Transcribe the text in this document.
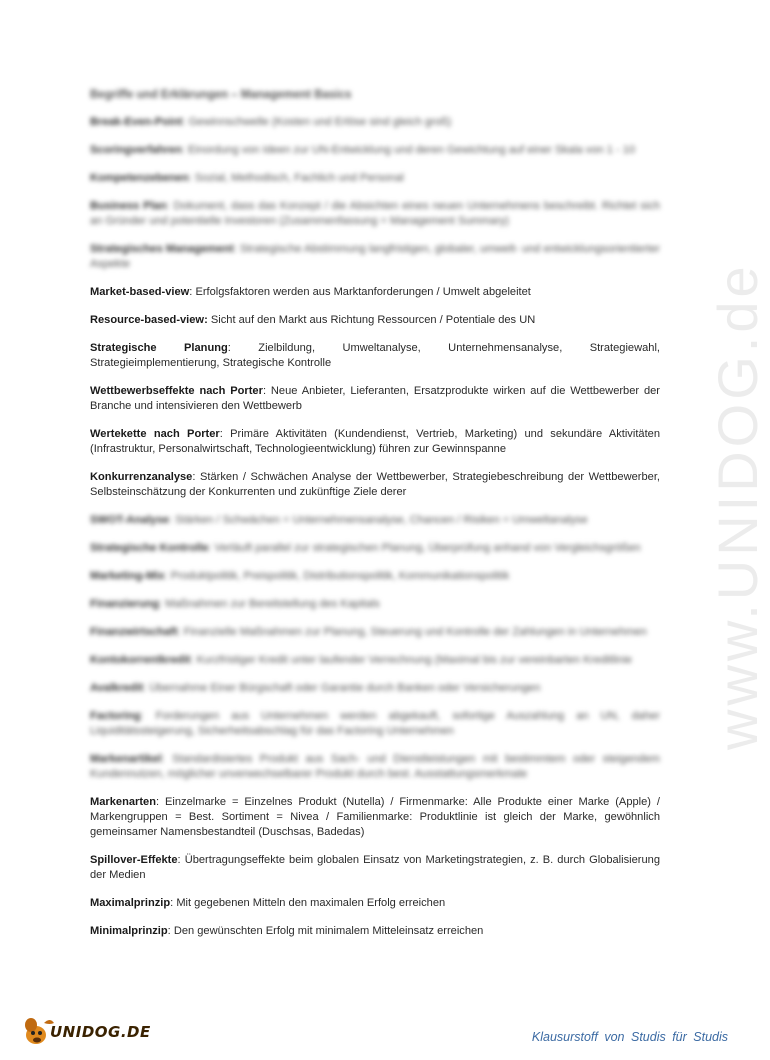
www.UNIDOG.de
Begriffe und Erklärungen – Management Basics
Break-Even-Point: Gewinnschwelle (Kosten und Erlöse sind gleich groß)
Scoringverfahren: Einordung von Ideen zur UN-Entwicklung und deren Gewichtung auf einer Skala von 1 - 10
Kompetenzebenen: Sozial, Methodisch, Fachlich und Personal
Business Plan: Dokument, dass das Konzept / die Absichten eines neuen Unternehmens beschreibt. Richtet sich an Gründer und potentielle Investoren (Zusammenfassung = Management Summary)
Strategisches Management: Strategische Abstimmung langfristigen, globaler, umwelt- und entwicklungsorientierter Aspekte
Market-based-view: Erfolgsfaktoren werden aus Marktanforderungen / Umwelt abgeleitet
Resource-based-view: Sicht auf den Markt aus Richtung Ressourcen / Potentiale des UN
Strategische Planung: Zielbildung, Umweltanalyse, Unternehmensanalyse, Strategiewahl, Strategieimplementierung, Strategische Kontrolle
Wettbewerbseffekte nach Porter: Neue Anbieter, Lieferanten, Ersatzprodukte wirken auf die Wettbewerber der Branche und intensivieren den Wettbewerb
Wertekette nach Porter: Primäre Aktivitäten (Kundendienst, Vertrieb, Marketing) und sekundäre Aktivitäten (Infrastruktur, Personalwirtschaft, Technologieentwicklung) führen zur Gewinnspanne
Konkurrenzanalyse: Stärken / Schwächen Analyse der Wettbewerber, Strategiebeschreibung der Wettbewerber, Selbsteinschätzung der Konkurrenten und zukünftige Ziele derer
SWOT-Analyse: Stärken / Schwächen = Unternehmensanalyse, Chancen / Risiken = Umweltanalyse
Strategische Kontrolle: Verläuft parallel zur strategischen Planung, Überprüfung anhand von Vergleichsgrößen
Marketing-Mix: Produktpolitik, Preispolitik, Distributionspolitik, Kommunikationspolitik
Finanzierung: Maßnahmen zur Bereitstellung des Kapitals
Finanzwirtschaft: Finanzielle Maßnahmen zur Planung, Steuerung und Kontrolle der Zahlungen in Unternehmen
Kontokorrentkredit: Kurzfristiger Kredit unter laufender Verrechnung (Maximal bis zur vereinbarten Kreditlinie
Avalkredit: Übernahme Einer Bürgschaft oder Garantie durch Banken oder Versicherungen
Factoring: Forderungen aus Unternehmen werden abgekauft, sofortige Auszahlung an UN, daher Liquiditätssteigerung, Sicherheitsabschlag für das Factoring Unternehmen
Markenartikel: Standardisiertes Produkt aus Sach- und Dienstleistungen mit bestimmtem oder steigendem Kundennutzen, möglicher unverwechselbarer Produkt durch best. Ausstattungsmerkmale
Markenarten: Einzelmarke = Einzelnes Produkt (Nutella) / Firmenmarke: Alle Produkte einer Marke (Apple) / Markengruppen = Best. Sortiment = Nivea / Familienmarke: Produktlinie ist gleich der Marke, gewöhnlich gemeinsamer Namensbestandteil (Duschsas, Badedas)
Spillover-Effekte: Übertragungseffekte beim globalen Einsatz von Marketingstrategien, z. B. durch Globalisierung der Medien
Maximalprinzip: Mit gegebenen Mitteln den maximalen Erfolg erreichen
Minimalprinzip: Den gewünschten Erfolg mit minimalem Mitteleinsatz erreichen
UNIDOG.DE	Klausurstoff von Studis für Studis
